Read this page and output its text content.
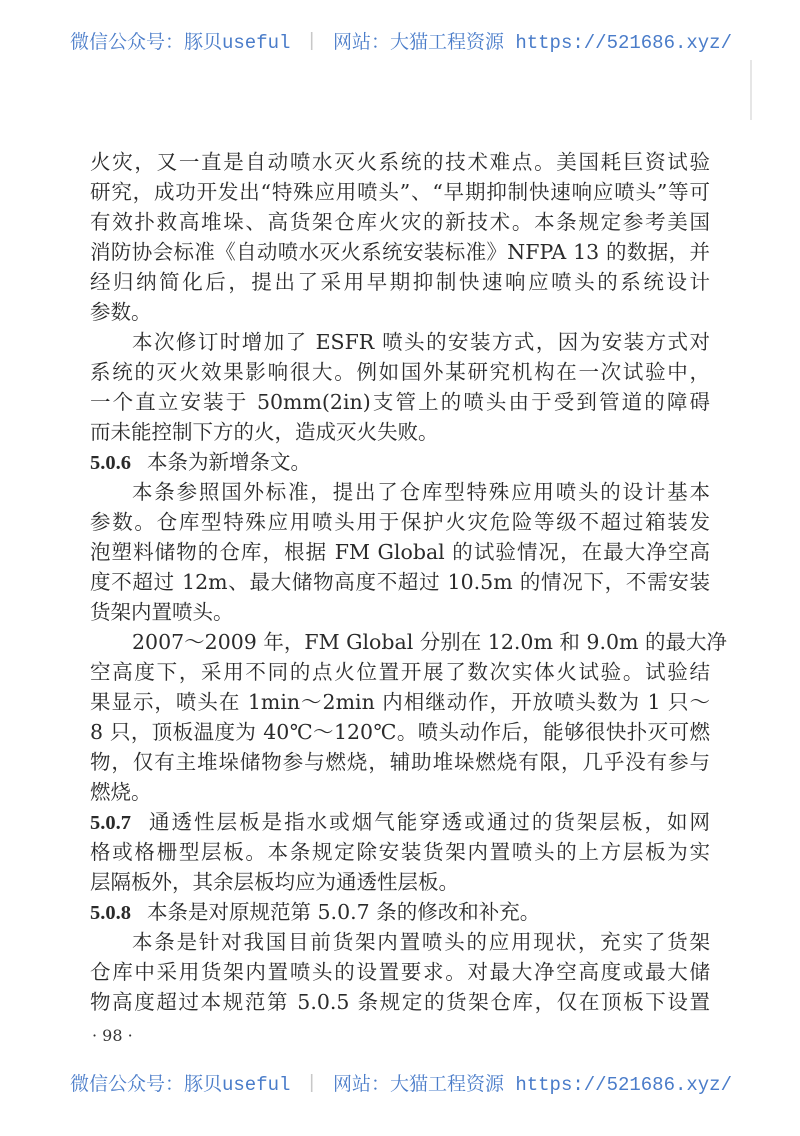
微信公众号：豚贝useful | 网站：大猫工程资源 https://521686.xyz/
火灾，又一直是自动喷水灭火系统的技术难点。美国耗巨资试验
研究，成功开发出“特殊应用喷头”、“早期抑制快速响应喷头”等可
有效扑救高堆垛、高货架仓库火灾的新技术。本条规定参考美国
消防协会标准《自动喷水灭火系统安装标准》NFPA 13 的数据，并
经归纳简化后，提出了采用早期抑制快速响应喷头的系统设计
参数。
本次修订时增加了 ESFR 喷头的安装方式，因为安装方式对
系统的灭火效果影响很大。例如国外某研究机构在一次试验中，
一个直立安装于 50mm(2in)支管上的喷头由于受到管道的障碍
而未能控制下方的火，造成灭火失败。
5.0.6 本条为新增条文。
本条参照国外标准，提出了仓库型特殊应用喷头的设计基本
参数。仓库型特殊应用喷头用于保护火灾危险等级不超过箱装发
泡塑料储物的仓库，根据 FM Global 的试验情况，在最大净空高
度不超过 12m、最大储物高度不超过 10.5m 的情况下，不需安装
货架内置喷头。
2007～2009 年，FM Global 分别在 12.0m 和 9.0m 的最大净
空高度下，采用不同的点火位置开展了数次实体火试验。试验结
果显示，喷头在 1min～2min 内相继动作，开放喷头数为 1 只～
8 只，顶板温度为 40℃～120℃。喷头动作后，能够很快扑灭可燃
物，仅有主堆垛储物参与燃烧，辅助堆垛燃烧有限，几乎没有参与
燃烧。
5.0.7 通透性层板是指水或烟气能穿透或通过的货架层板，如网
格或格栅型层板。本条规定除安装货架内置喷头的上方层板为实
层隔板外，其余层板均应为通透性层板。
5.0.8 本条是对原规范第 5.0.7 条的修改和补充。
本条是针对我国目前货架内置喷头的应用现状，充实了货架
仓库中采用货架内置喷头的设置要求。对最大净空高度或最大储
物高度超过本规范第 5.0.5 条规定的货架仓库，仅在顶板下设置
· 98 ·
微信公众号：豚贝useful | 网站：大猫工程资源 https://521686.xyz/
